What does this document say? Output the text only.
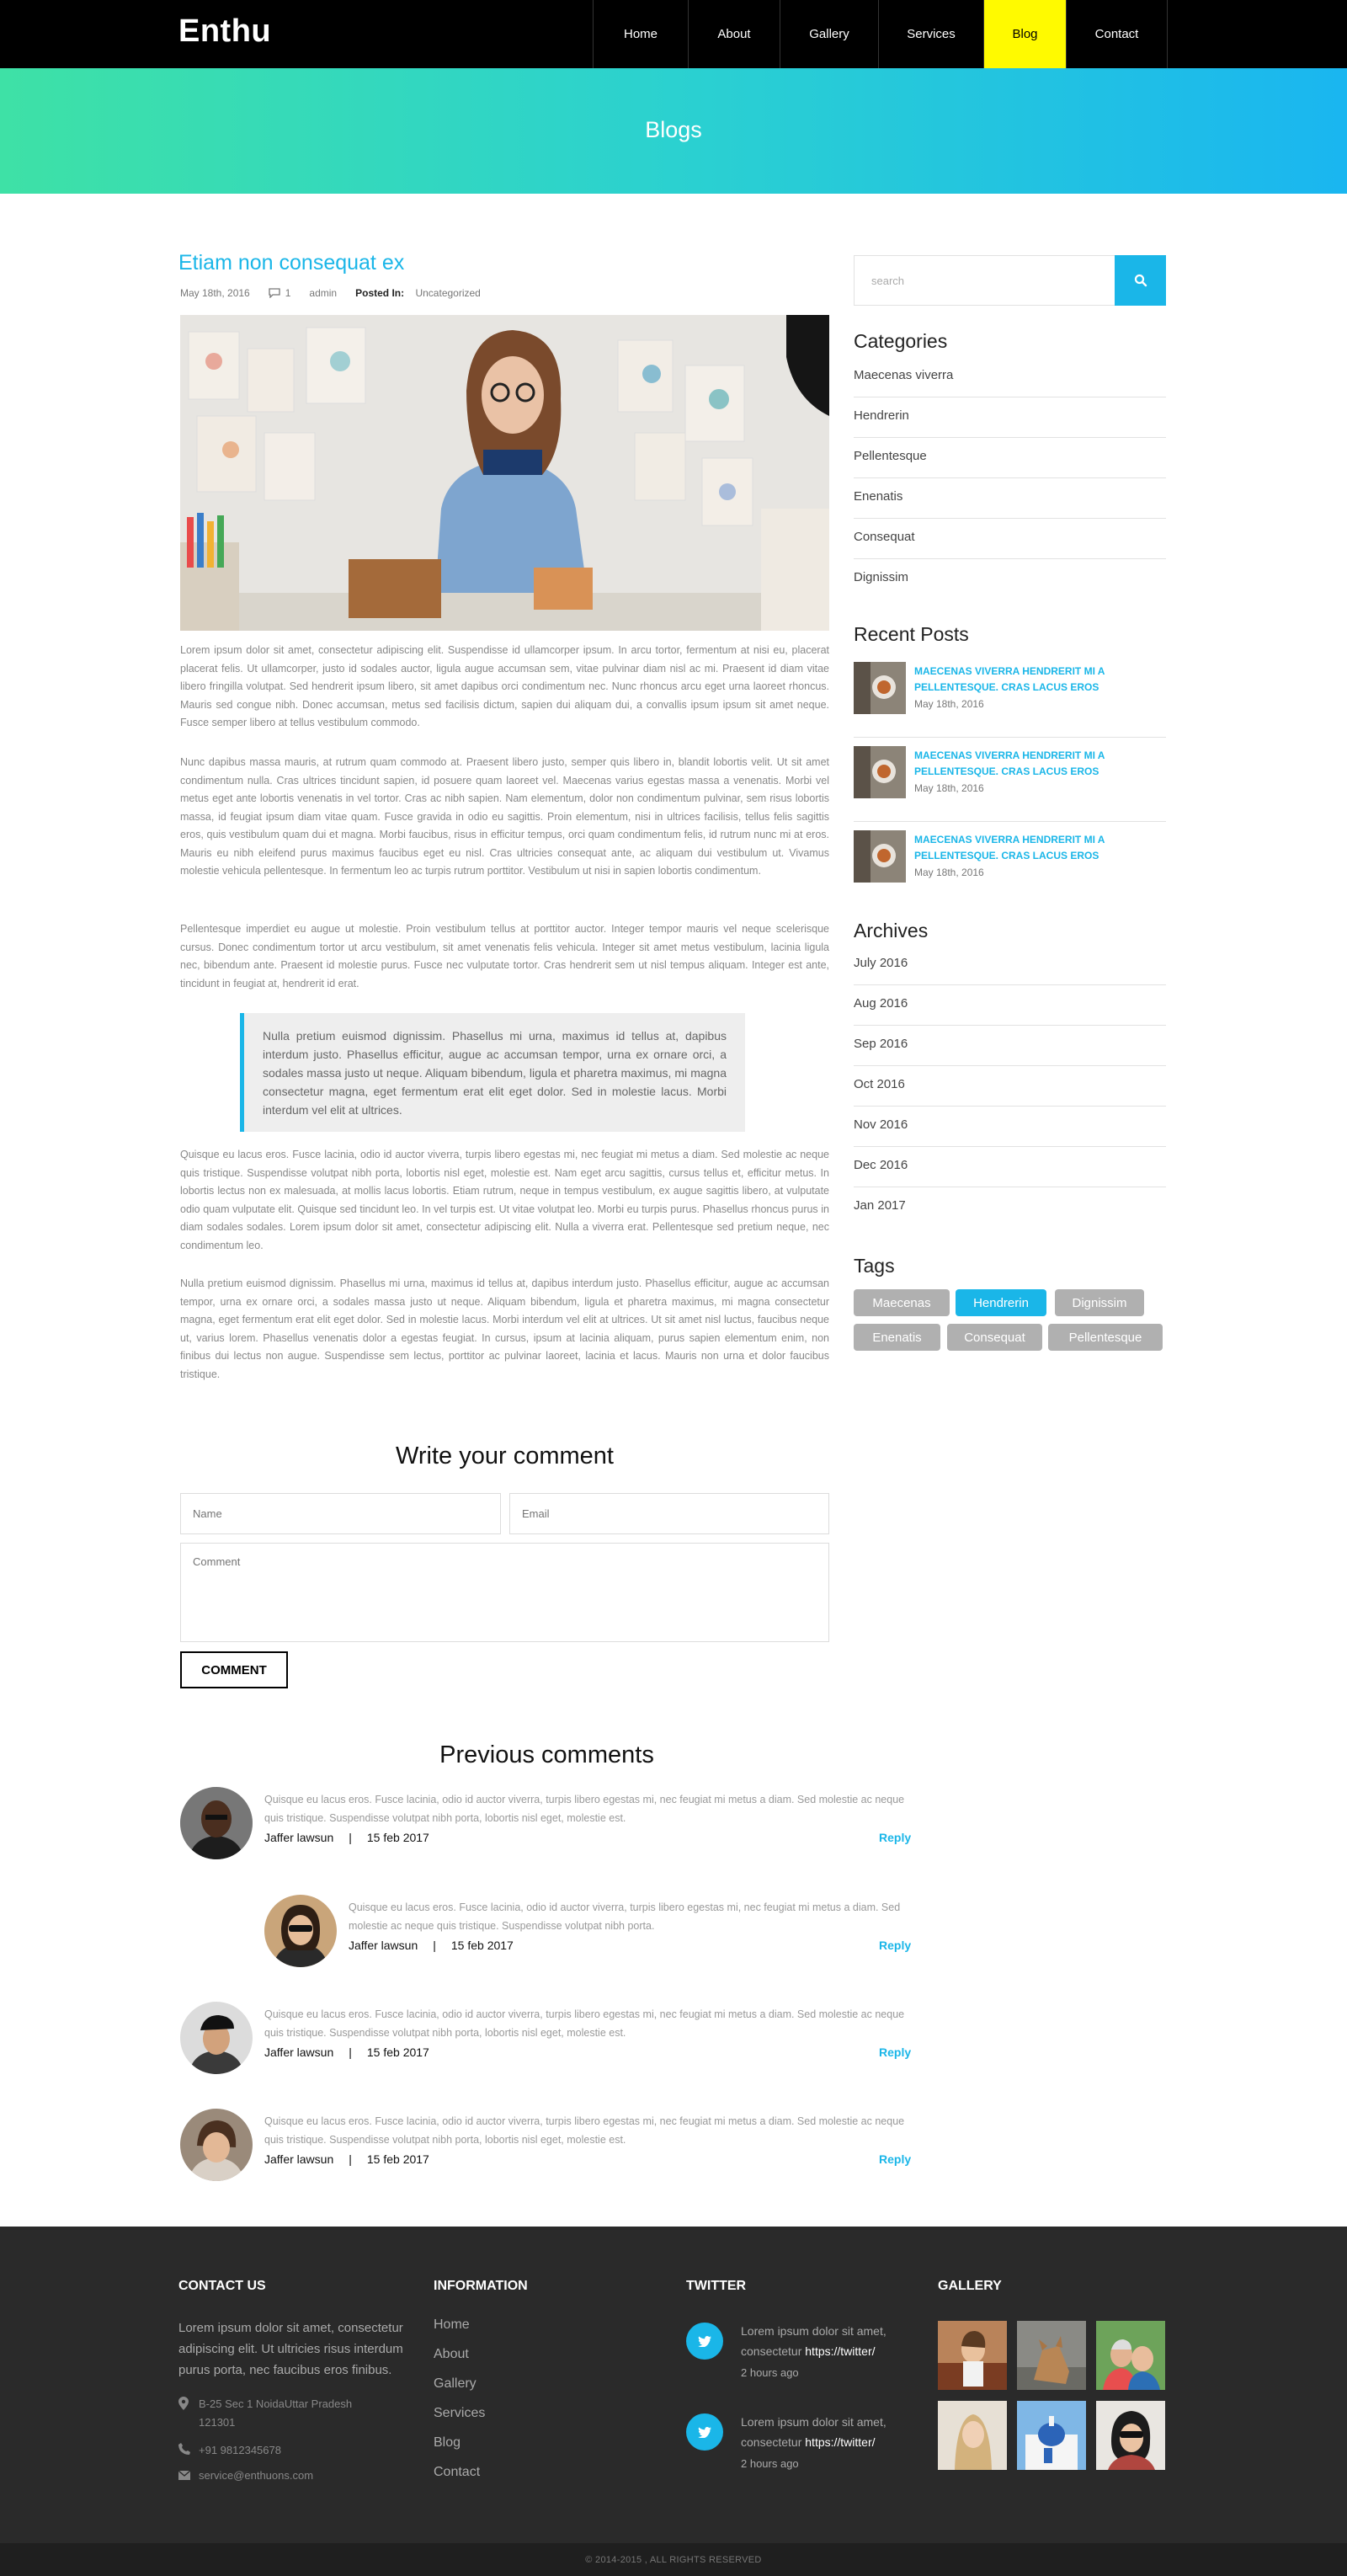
Enthu	Home	About	Gallery	Services	Blog	Contact
Blogs
Etiam non consequat ex
May 18th, 2016	1 admin Posted In: Uncategorized

Lorem ipsum dolor sit amet, consectetur adipiscing elit. Suspendisse id ullamcorper ipsum. In arcu tortor, fermentum at nisi eu, placerat placerat felis. Ut ullamcorper, justo id sodales auctor, ligula augue accumsan sem, vitae pulvinar diam nisl ac mi. Praesent id diam vitae libero fringilla volutpat. Sed hendrerit ipsum libero, sit amet dapibus orci condimentum nec. Nunc rhoncus arcu eget urna laoreet rhoncus. Mauris sed congue nibh. Donec accumsan, metus sed facilisis dictum, sapien dui aliquam dui, a convallis ipsum ipsum sit amet neque. Fusce semper libero at tellus vestibulum commodo.

Nunc dapibus massa mauris, at rutrum quam commodo at. Praesent libero justo, semper quis libero in, blandit lobortis velit. Ut sit amet condimentum nulla. Cras ultrices tincidunt sapien, id posuere quam laoreet vel. Maecenas varius egestas massa a venenatis. Morbi vel metus eget ante lobortis venenatis in vel tortor. Cras ac nibh sapien. Nam elementum, dolor non condimentum pulvinar, sem risus lobortis massa, id feugiat ipsum diam vitae quam. Fusce gravida in odio eu sagittis. Proin elementum, nisi in ultrices facilisis, tellus felis sagittis eros, quis vestibulum quam dui et magna. Morbi faucibus, risus in efficitur tempus, orci quam condimentum felis, id rutrum nunc mi at eros. Mauris eu nibh eleifend purus maximus faucibus eget eu nisl. Cras ultricies consequat ante, ac aliquam dui vestibulum ut. Vivamus molestie vehicula pellentesque. In fermentum leo ac turpis rutrum porttitor. Vestibulum ut nisi in sapien lobortis condimentum.

Pellentesque imperdiet eu augue ut molestie. Proin vestibulum tellus at porttitor auctor. Integer tempor mauris vel neque scelerisque cursus. Donec condimentum tortor ut arcu vestibulum, sit amet venenatis felis vehicula. Integer sit amet metus vestibulum, lacinia ligula nec, bibendum ante. Praesent id molestie purus. Fusce nec vulputate tortor. Cras hendrerit sem ut nisl tempus aliquam. Integer est ante, tincidunt in feugiat at, hendrerit id erat.

Nulla pretium euismod dignissim. Phasellus mi urna, maximus id tellus at, dapibus interdum justo. Phasellus efficitur, augue ac accumsan tempor, urna ex ornare orci, a sodales massa justo ut neque. Aliquam bibendum, ligula et pharetra maximus, mi magna consectetur magna, eget fermentum erat elit eget dolor. Sed in molestie lacus. Morbi interdum vel elit at ultrices.

Quisque eu lacus eros. Fusce lacinia, odio id auctor viverra, turpis libero egestas mi, nec feugiat mi metus a diam. Sed molestie ac neque quis tristique. Suspendisse volutpat nibh porta, lobortis nisl eget, molestie est. Nam eget arcu sagittis, cursus tellus et, efficitur metus. In lobortis lectus non ex malesuada, at mollis lacus lobortis. Etiam rutrum, neque in tempus vestibulum, ex augue sagittis libero, at vulputate odio quam vulputate elit. Quisque sed tincidunt leo. In vel turpis est. Ut vitae volutpat leo. Morbi eu turpis purus. Phasellus rhoncus purus in diam sodales sodales. Lorem ipsum dolor sit amet, consectetur adipiscing elit. Nulla a viverra erat. Pellentesque sed pretium neque, nec condimentum leo.

Nulla pretium euismod dignissim. Phasellus mi urna, maximus id tellus at, dapibus interdum justo. Phasellus efficitur, augue ac accumsan tempor, urna ex ornare orci, a sodales massa justo ut neque. Aliquam bibendum, ligula et pharetra maximus, mi magna consectetur magna, eget fermentum erat elit eget dolor. Sed in molestie lacus. Morbi interdum vel elit at ultrices. Ut sit amet nisl luctus, faucibus neque ut, varius lorem. Phasellus venenatis dolor a egestas feugiat. In cursus, ipsum at lacinia aliquam, purus sapien elementum enim, non finibus dui lectus non augue. Suspendisse sem lectus, porttitor ac pulvinar laoreet, lacinia et lacus. Mauris non urna et dolor faucibus tristique.

Write your comment
Name
Email
Comment
COMMENT
Previous comments

Quisque eu lacus eros. Fusce lacinia, odio id auctor viverra, turpis libero egestas mi, nec feugiat mi metus a diam. Sed molestie ac neque quis tristique. Suspendisse volutpat nibh porta, lobortis nisl eget, molestie est.

Jaffer lawsun | 15 feb 2017	Reply

Quisque eu lacus eros. Fusce lacinia, odio id auctor viverra, turpis libero egestas mi, nec feugiat mi metus a diam. Sed molestie ac neque quis tristique. Suspendisse volutpat nibh porta.

Jaffer lawsun | 15 feb 2017	Reply

Quisque eu lacus eros. Fusce lacinia, odio id auctor viverra, turpis libero egestas mi, nec feugiat mi metus a diam. Sed molestie ac neque quis tristique. Suspendisse volutpat nibh porta, lobortis nisl eget, molestie est.

Jaffer lawsun | 15 feb 2017	Reply

Quisque eu lacus eros. Fusce lacinia, odio id auctor viverra, turpis libero egestas mi, nec feugiat mi metus a diam. Sed molestie ac neque quis tristique. Suspendisse volutpat nibh porta, lobortis nisl eget, molestie est.

Jaffer lawsun | 15 feb 2017	Reply
search
Categories
Maecenas viverra
Hendrerin
Pellentesque
Enenatis
Consequat
Dignissim
Recent Posts
MAECENAS VIVERRA HENDRERIT MI A PELLENTESQUE. CRAS LACUS EROS
May 18th, 2016
MAECENAS VIVERRA HENDRERIT MI A PELLENTESQUE. CRAS LACUS EROS
May 18th, 2016
MAECENAS VIVERRA HENDRERIT MI A PELLENTESQUE. CRAS LACUS EROS
May 18th, 2016
Archives
July 2016
Aug 2016
Sep 2016
Oct 2016
Nov 2016
Dec 2016
Jan 2017
Tags
Maecenas	Hendrerin	Dignissim
Enenatis	Consequat	Pellentesque
CONTACT US

Lorem ipsum dolor sit amet, consectetur adipiscing elit. Ut ultricies risus interdum purus porta, nec faucibus eros finibus.

B-25 Sec 1 NoidaUttar Pradesh
121301
+91 9812345678
service@enthuons.com
INFORMATION
Home
About
Gallery
Services
Blog
Contact
TWITTER
Lorem ipsum dolor sit amet,
consectetur https://twitter/
2 hours ago
Lorem ipsum dolor sit amet,
consectetur https://twitter/
2 hours ago
GALLERY
© 2014-2015 , ALL RIGHTS RESERVED
